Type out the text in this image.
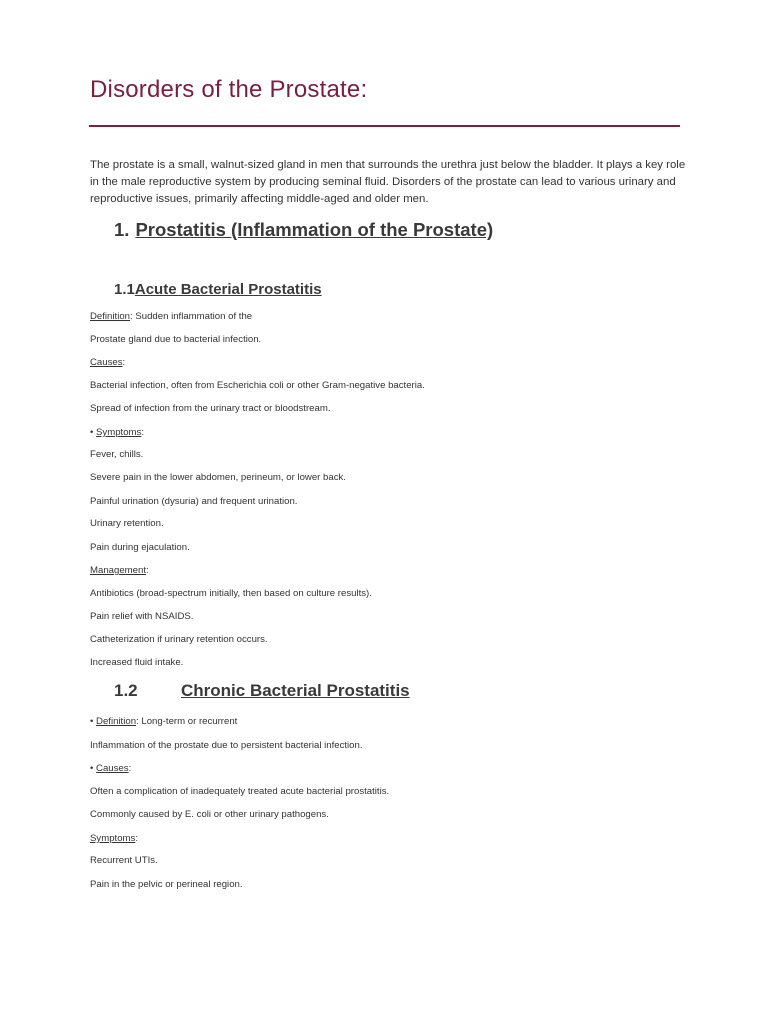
Disorders of the Prostate:

The prostate is a small, walnut-sized gland in men that surrounds the urethra just below the bladder. It plays a key role in the male reproductive system by producing seminal fluid. Disorders of the prostate can lead to various urinary and reproductive issues, primarily affecting middle-aged and older men.

1. Prostatitis (Inflammation of the Prostate)
1.1Acute Bacterial Prostatitis

Definition: Sudden inflammation of the

Prostate gland due to bacterial infection.

Causes:

Bacterial infection, often from Escherichia coli or other Gram-negative bacteria.

Spread of infection from the urinary tract or bloodstream.

• Symptoms:

Fever, chills.

Severe pain in the lower abdomen, perineum, or lower back.

Painful urination (dysuria) and frequent urination.

Urinary retention.

Pain during ejaculation.

Management:

Antibiotics (broad-spectrum initially, then based on culture results).

Pain relief with NSAIDS.

Catheterization if urinary retention occurs.

Increased fluid intake.

1.2	Chronic Bacterial Prostatitis

• Definition: Long-term or recurrent

Inflammation of the prostate due to persistent bacterial infection.

• Causes:

Often a complication of inadequately treated acute bacterial prostatitis.

Commonly caused by E. coli or other urinary pathogens.

Symptoms:

Recurrent UTIs.

Pain in the pelvic or perineal region.
